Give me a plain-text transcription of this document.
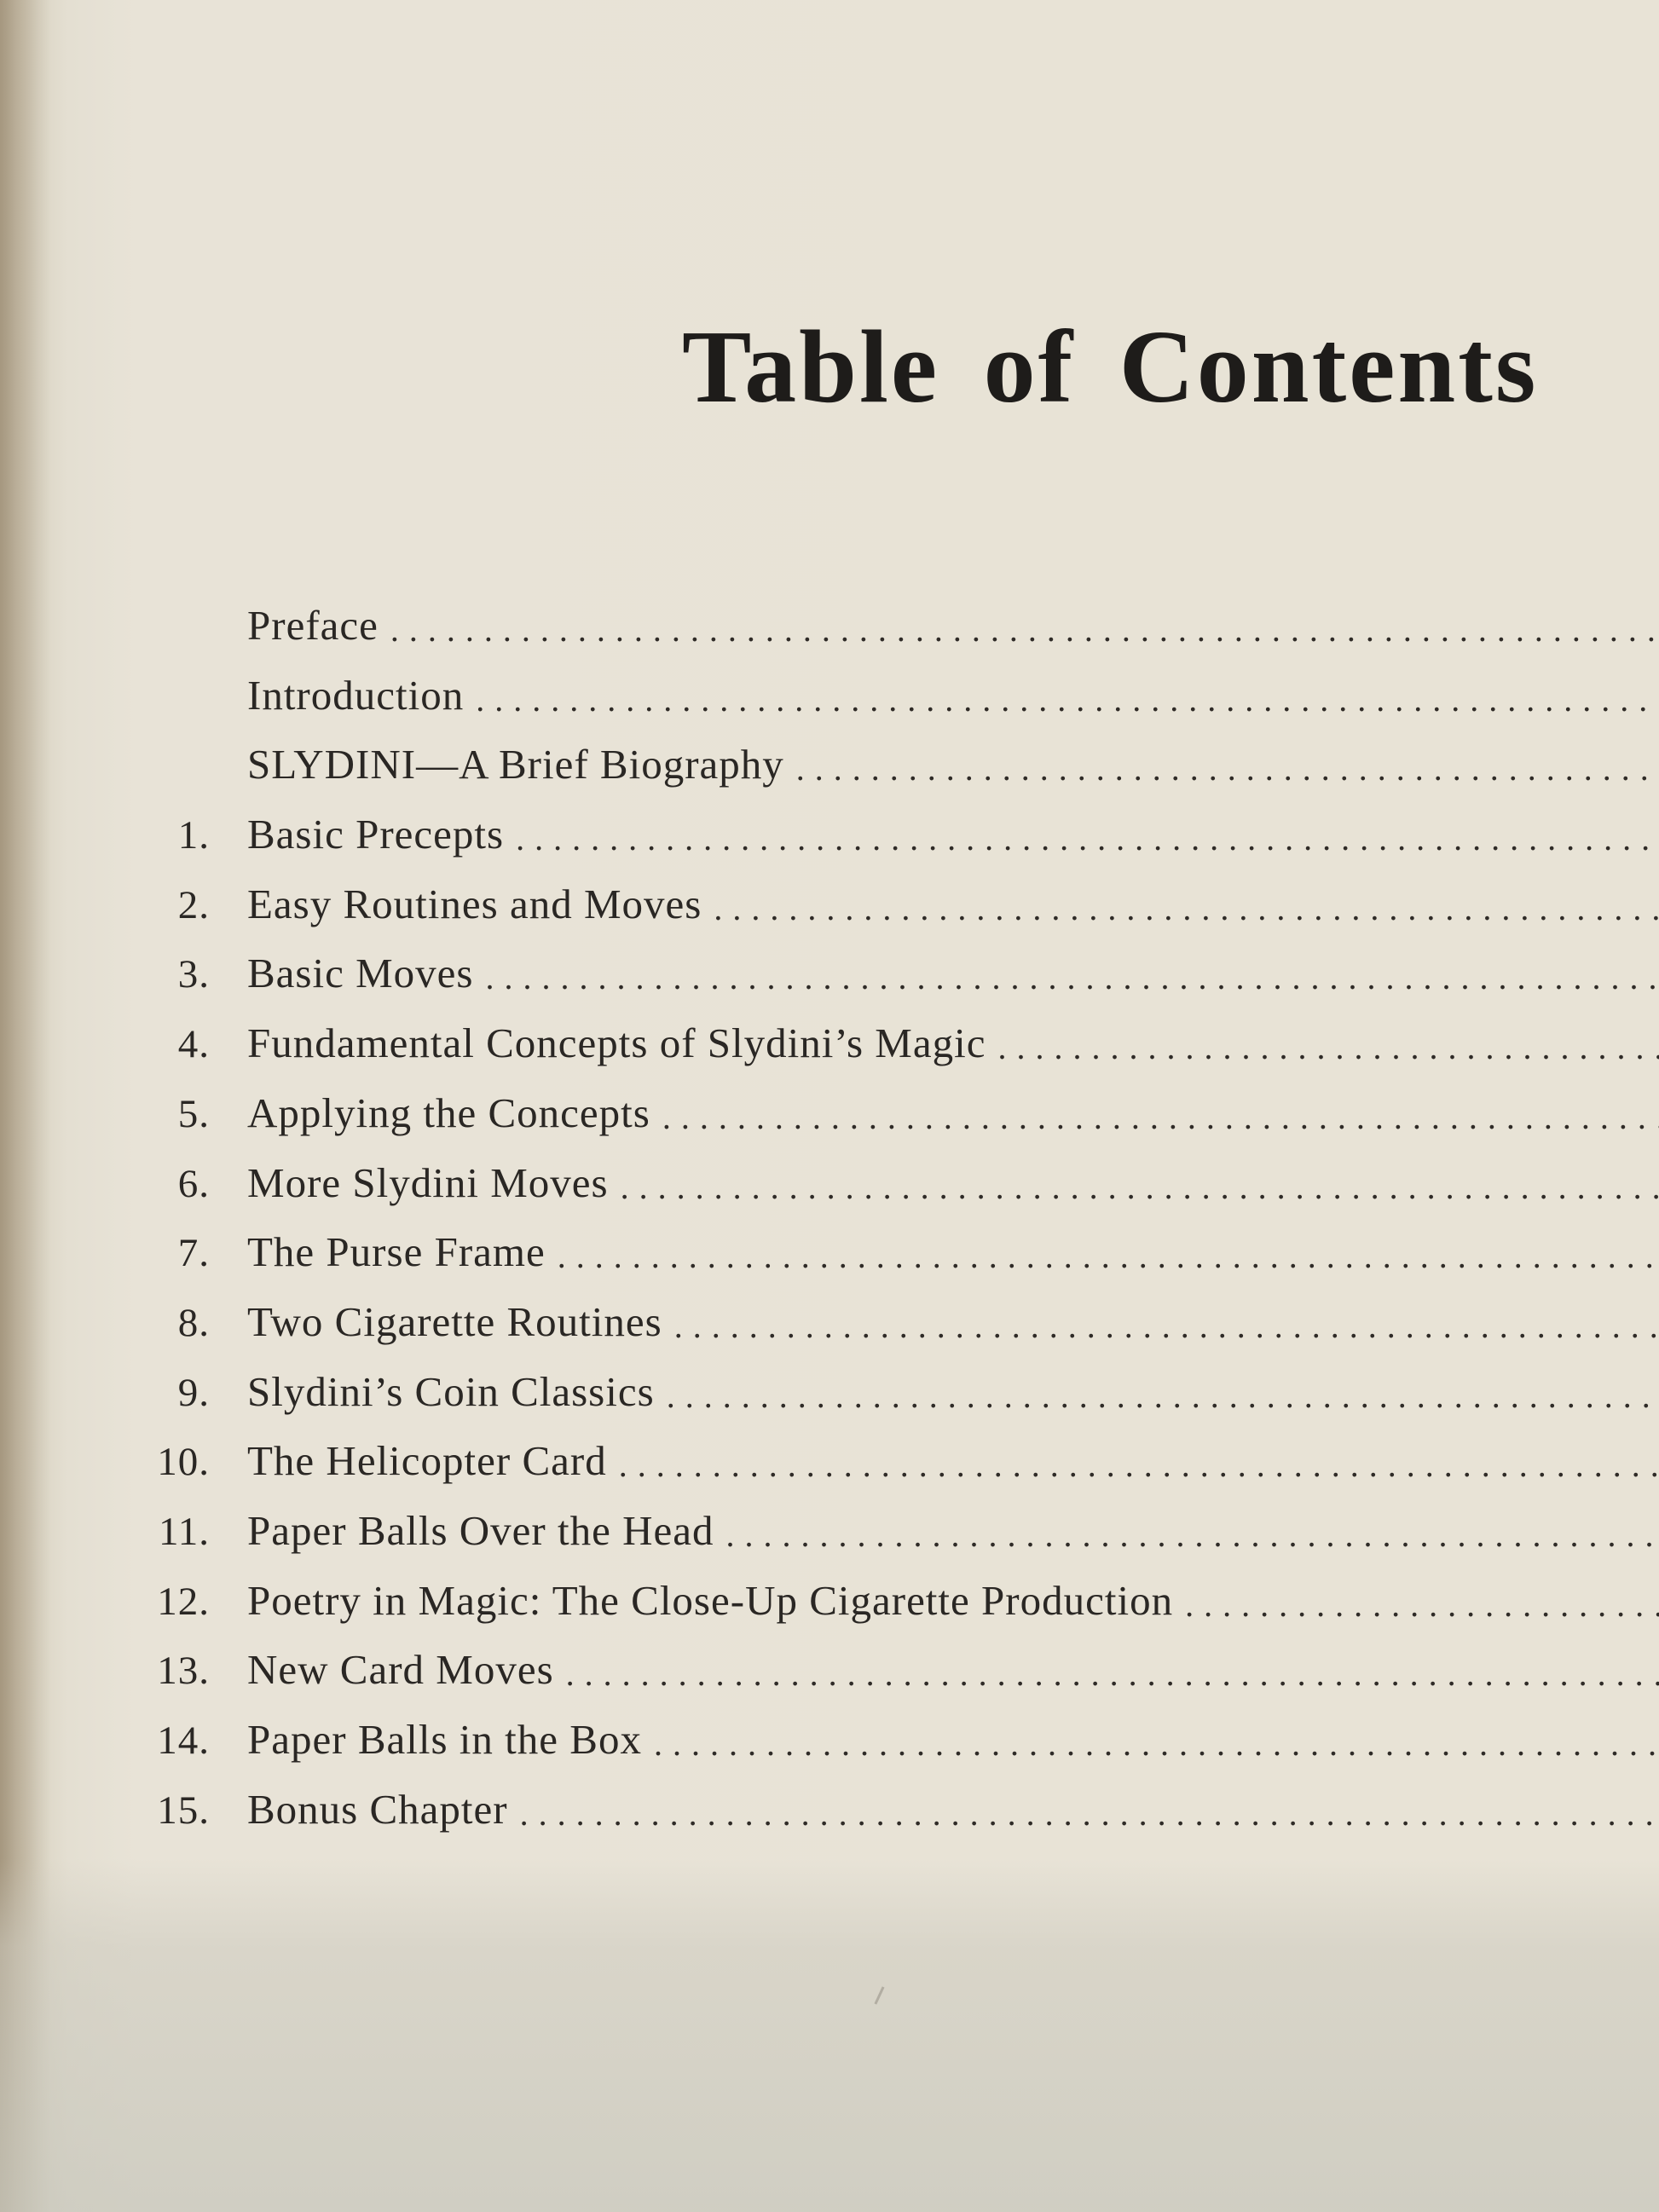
Table of Contents
Preface
. . .
Introduction
. . .
SLYDINI—A Brief Biography
. . .
1. Basic Precepts
. . .
2. Easy Routines and Moves
. . .
3. Basic Moves
. . .
4. Fundamental Concepts of Slydini’s Magic
. . .
5. Applying the Concepts
. . .
6. More Slydini Moves
. . .
7. The Purse Frame
. . .
8. Two Cigarette Routines
. . .
9. Slydini’s Coin Classics
. . .
10. The Helicopter Card
. . .
11. Paper Balls Over the Head
. . .
12. Poetry in Magic: The Close-Up Cigarette Production
. . .
13. New Card Moves
. . .
14. Paper Balls in the Box
. . .
15. Bonus Chapter
. . .
